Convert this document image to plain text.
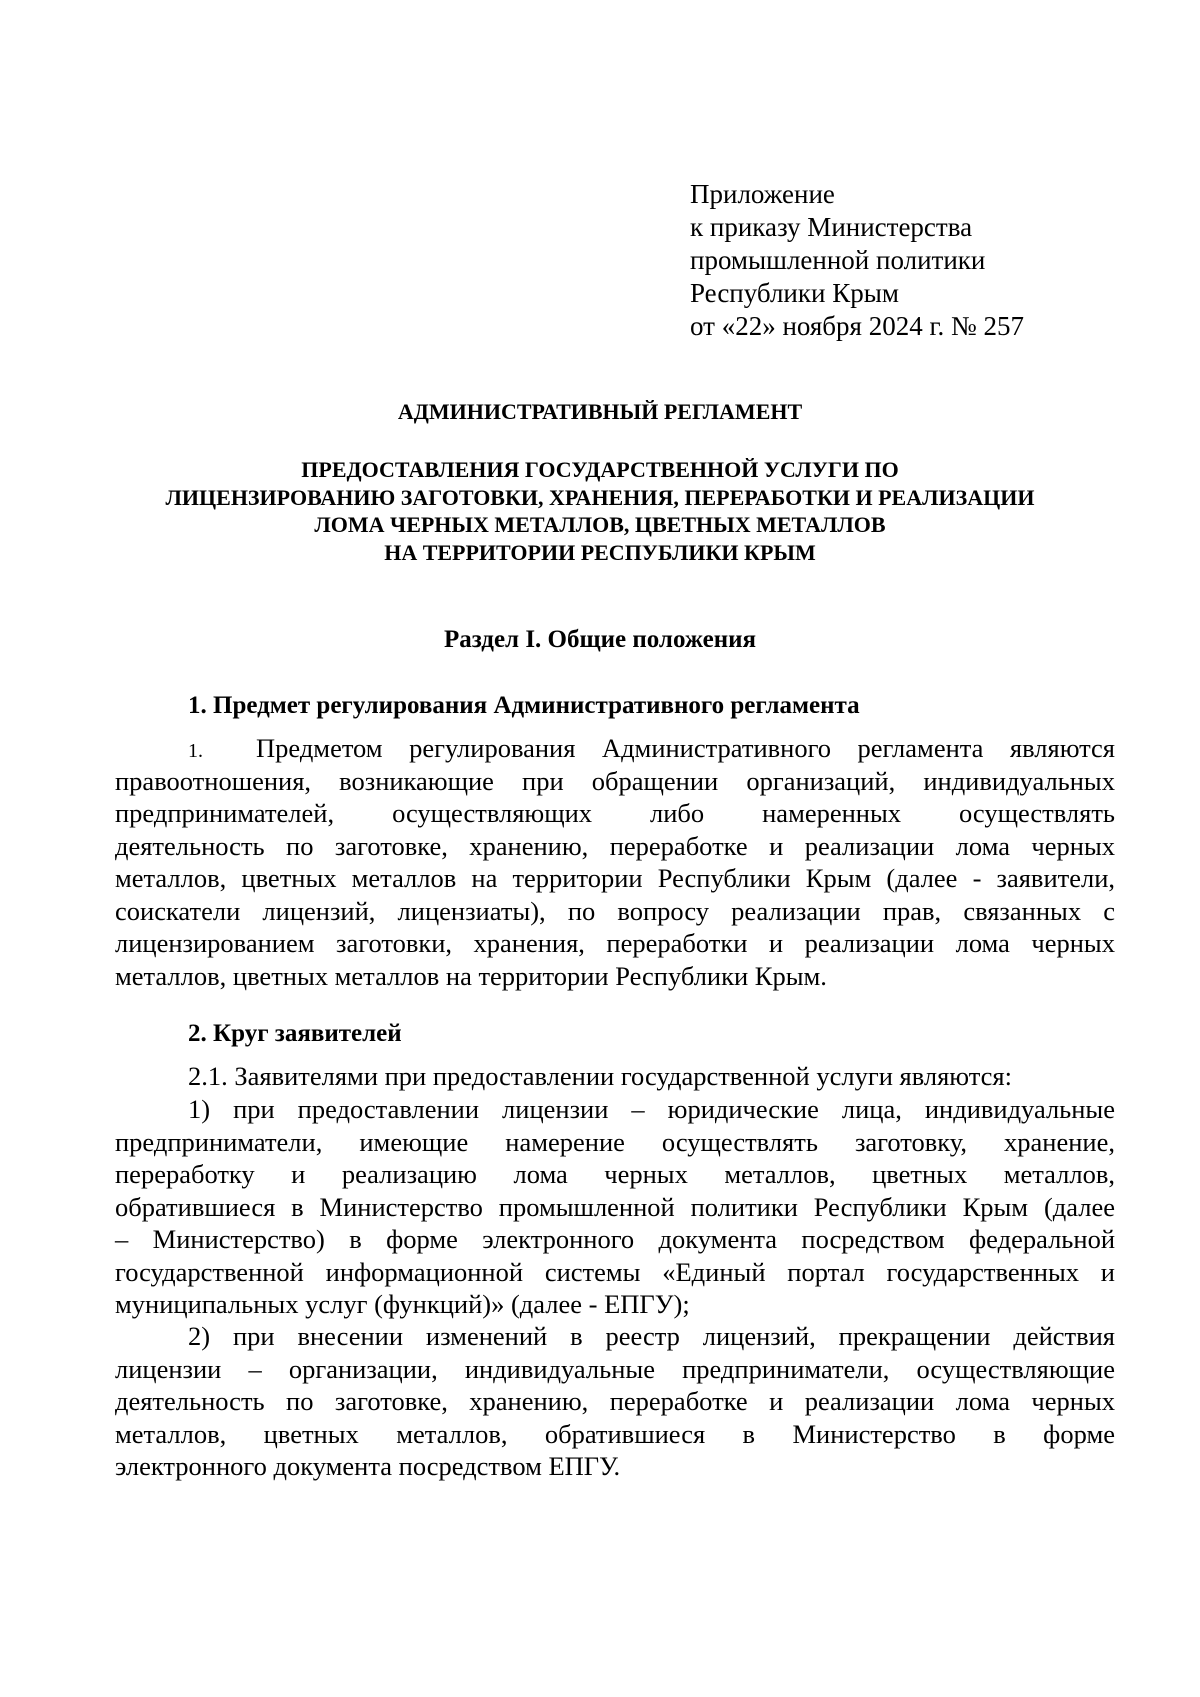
Приложение
к приказу Министерства
промышленной политики
Республики Крым
от «22» ноября 2024 г. № 257
АДМИНИСТРАТИВНЫЙ РЕГЛАМЕНТ
ПРЕДОСТАВЛЕНИЯ ГОСУДАРСТВЕННОЙ УСЛУГИ ПО
ЛИЦЕНЗИРОВАНИЮ ЗАГОТОВКИ, ХРАНЕНИЯ, ПЕРЕРАБОТКИ И РЕАЛИЗАЦИИ
ЛОМА ЧЕРНЫХ МЕТАЛЛОВ, ЦВЕТНЫХ МЕТАЛЛОВ
НА ТЕРРИТОРИИ РЕСПУБЛИКИ КРЫМ
Раздел I. Общие положения
1. Предмет регулирования Административного регламента
1. Предметом регулирования Административного регламента являются
правоотношения, возникающие при обращении организаций, индивидуальных
предпринимателей, осуществляющих либо намеренных осуществлять
деятельность по заготовке, хранению, переработке и реализации лома черных
металлов, цветных металлов на территории Республики Крым (далее - заявители,
соискатели лицензий, лицензиаты), по вопросу реализации прав, связанных с
лицензированием заготовки, хранения, переработки и реализации лома черных
металлов, цветных металлов на территории Республики Крым.
2. Круг заявителей
2.1. Заявителями при предоставлении государственной услуги являются:
1) при предоставлении лицензии – юридические лица, индивидуальные
предприниматели, имеющие намерение осуществлять заготовку, хранение,
переработку и реализацию лома черных металлов, цветных металлов,
обратившиеся в Министерство промышленной политики Республики Крым (далее
– Министерство) в форме электронного документа посредством федеральной
государственной информационной системы «Единый портал государственных и
муниципальных услуг (функций)» (далее - ЕПГУ);
2) при внесении изменений в реестр лицензий, прекращении действия
лицензии – организации, индивидуальные предприниматели, осуществляющие
деятельность по заготовке, хранению, переработке и реализации лома черных
металлов, цветных металлов, обратившиеся в Министерство в форме
электронного документа посредством ЕПГУ.
